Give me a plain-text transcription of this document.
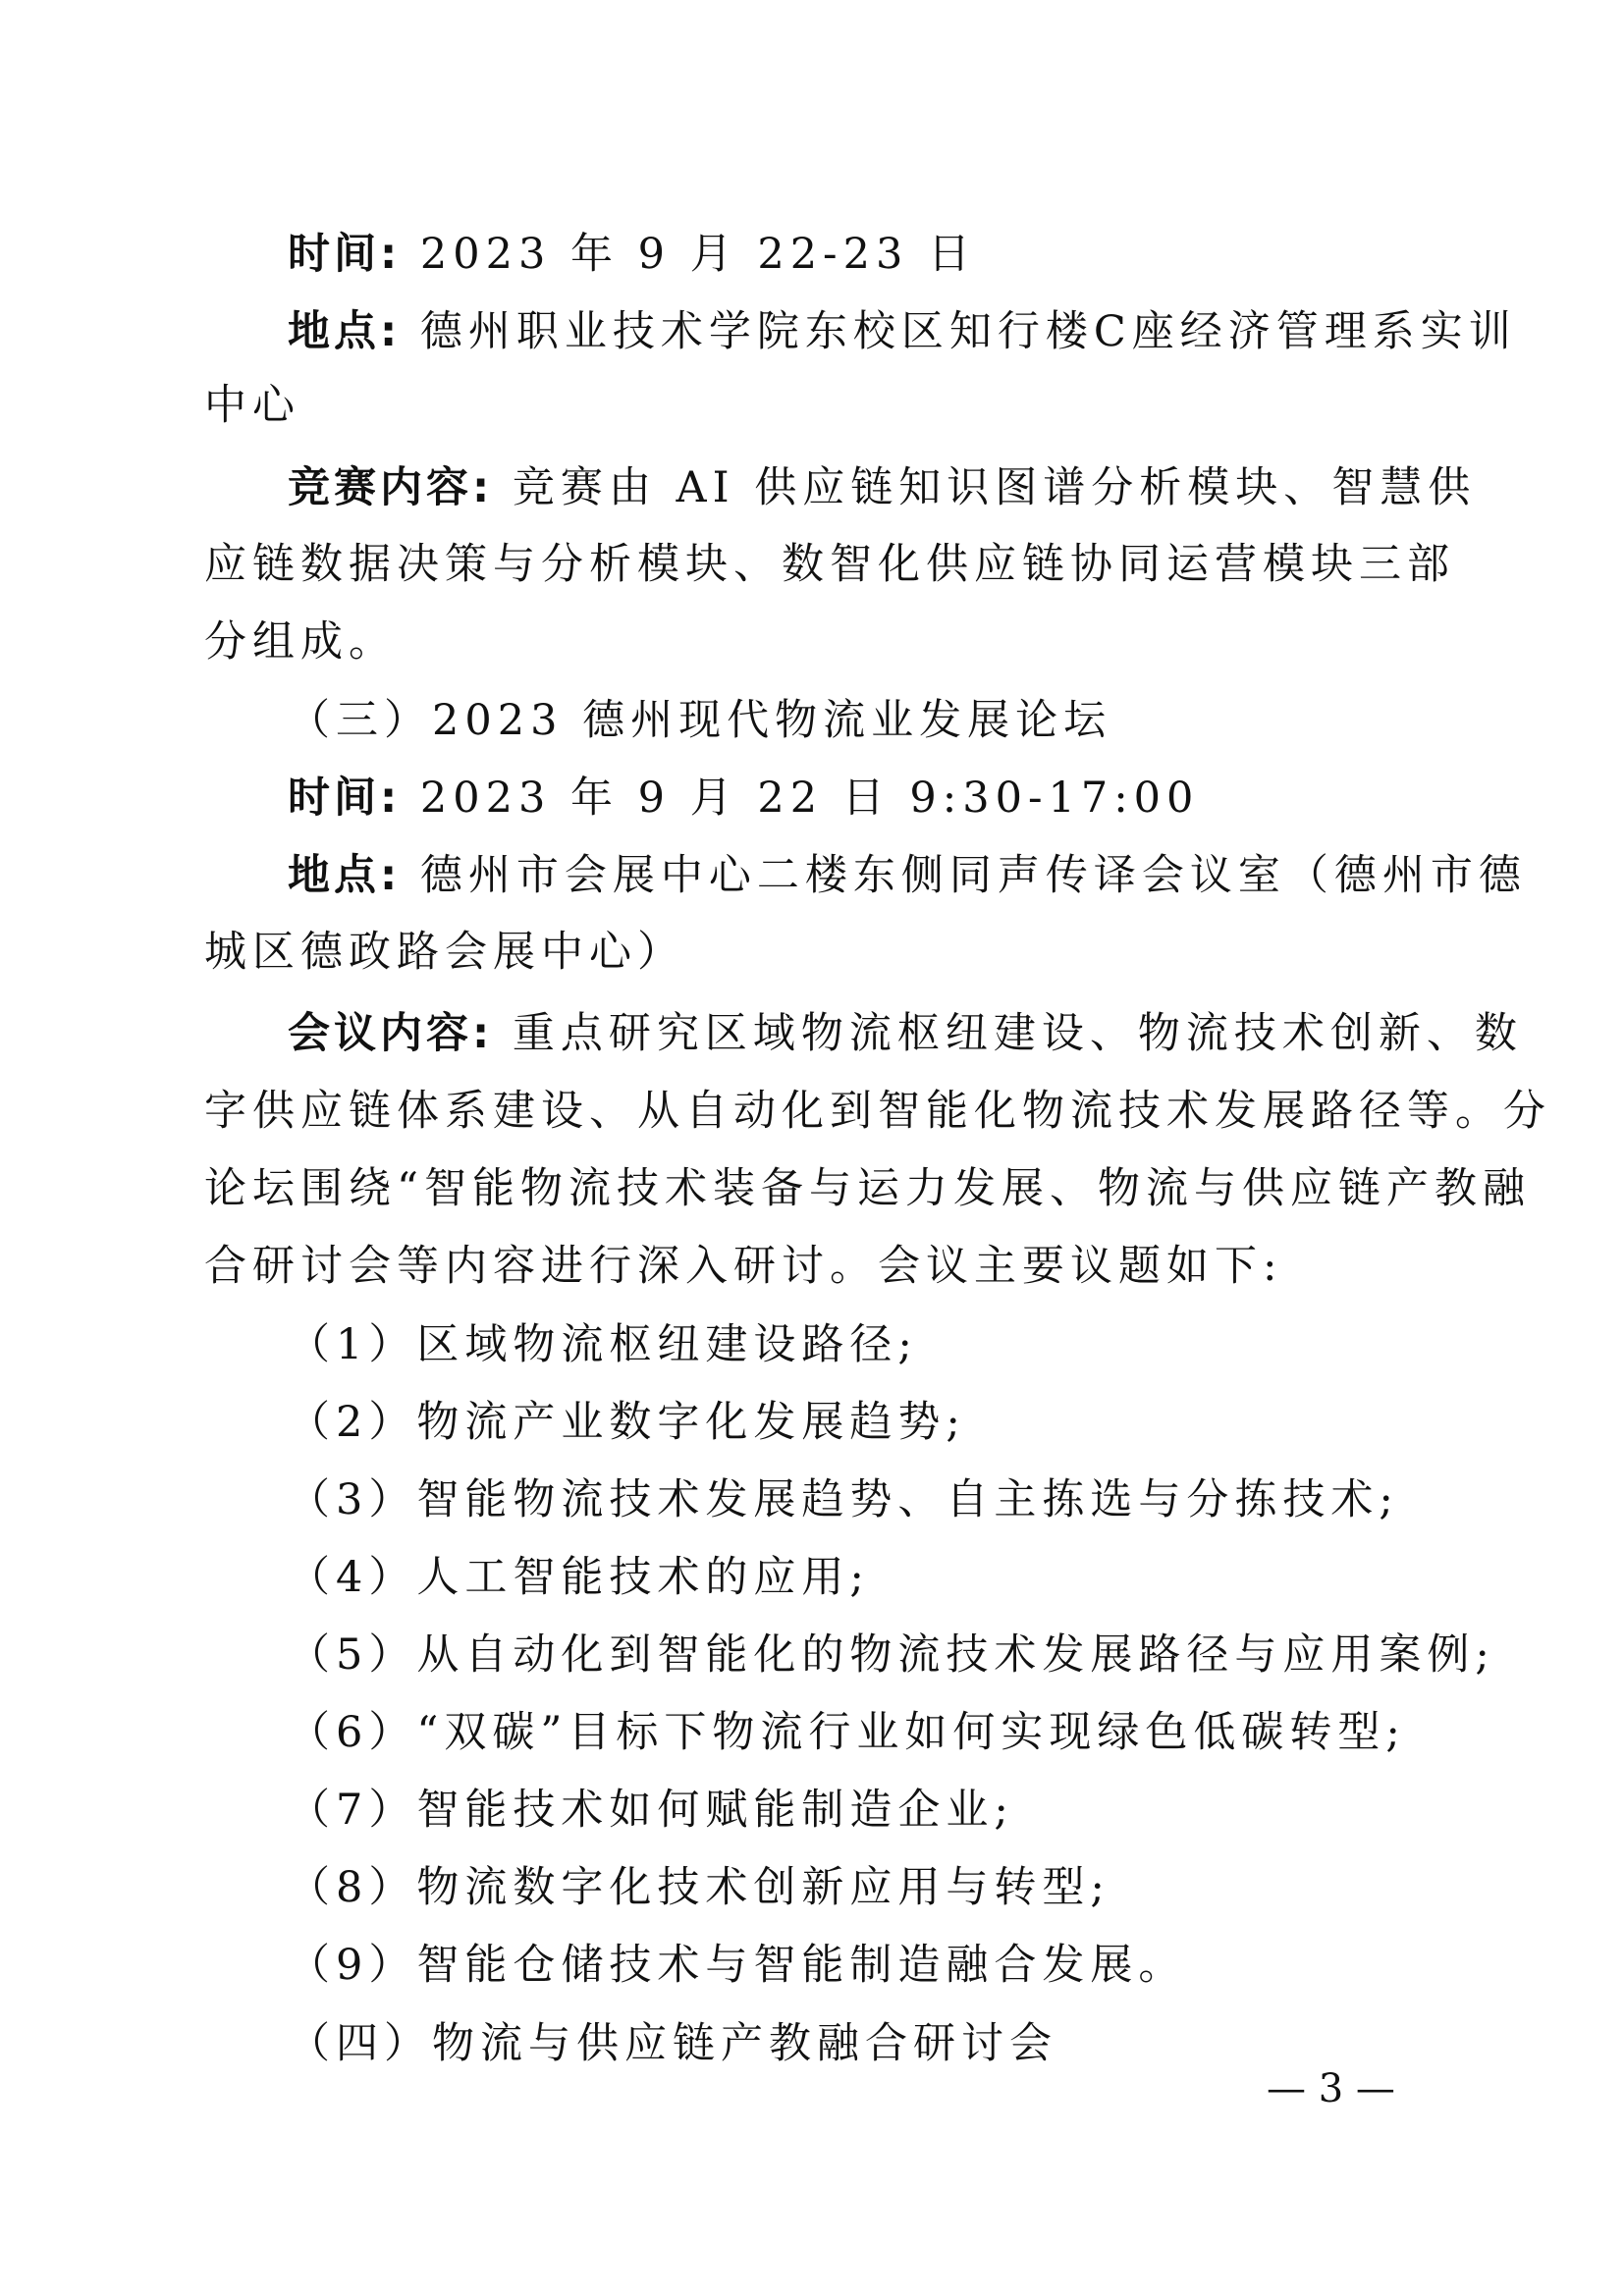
时间: 2023 年 9 月 22-23 日
地点: 德州职业技术学院东校区知行楼C座经济管理系实训
中心
竞赛内容: 竞赛由 AI 供应链知识图谱分析模块、智慧供
应链数据决策与分析模块、数智化供应链协同运营模块三部
分组成。
（三）2023 德州现代物流业发展论坛
时间: 2023 年 9 月 22 日 9:30-17:00
地点: 德州市会展中心二楼东侧同声传译会议室（德州市德
城区德政路会展中心）
会议内容: 重点研究区域物流枢纽建设、物流技术创新、数
字供应链体系建设、从自动化到智能化物流技术发展路径等。分
论坛围绕“智能物流技术装备与运力发展、物流与供应链产教融
合研讨会等内容进行深入研讨。会议主要议题如下:
（1）区域物流枢纽建设路径;
（2）物流产业数字化发展趋势;
（3）智能物流技术发展趋势、自主拣选与分拣技术;
（4）人工智能技术的应用;
（5）从自动化到智能化的物流技术发展路径与应用案例;
（6）“双碳”目标下物流行业如何实现绿色低碳转型;
（7）智能技术如何赋能制造企业;
（8）物流数字化技术创新应用与转型;
（9）智能仓储技术与智能制造融合发展。
（四）物流与供应链产教融合研讨会
— 3 —
